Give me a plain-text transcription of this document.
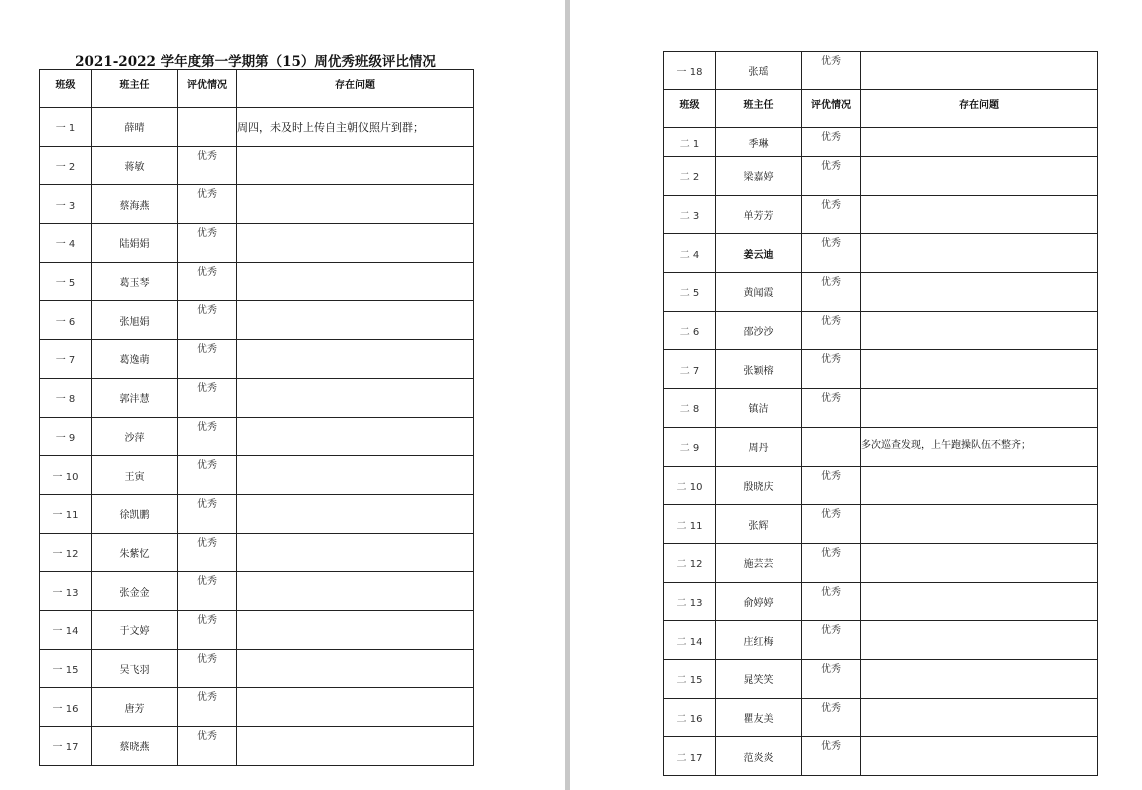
2021-2022 学年度第一学期第（15）周优秀班级评比情况
班级	班主任	评优情况	存在问题
一 1	薛晴		周四，未及时上传自主朝仪照片到群；
一 2	蒋敏	优秀	
一 3	蔡海燕	优秀	
一 4	陆娟娟	优秀	
一 5	葛玉琴	优秀	
一 6	张旭娟	优秀	
一 7	葛逸萌	优秀	
一 8	郭沣慧	优秀	
一 9	沙萍	优秀	
一 10	王寅	优秀	
一 11	徐凯鹏	优秀	
一 12	朱紫忆	优秀	
一 13	张金金	优秀	
一 14	于文婷	优秀	
一 15	吴飞羽	优秀	
一 16	唐芳	优秀	
一 17	蔡晓燕	优秀	
一 18	张瑶	优秀	
班级	班主任	评优情况	存在问题
二 1	季琳	优秀	
二 2	梁嘉婷	优秀	
二 3	单芳芳	优秀	
二 4	姜云迪	优秀	
二 5	黄闻霞	优秀	
二 6	邵沙沙	优秀	
二 7	张颖榕	优秀	
二 8	镇洁	优秀	
二 9	周丹		多次巡查发现，上午跑操队伍不整齐；
二 10	殷晓庆	优秀	
二 11	张辉	优秀	
二 12	施芸芸	优秀	
二 13	俞婷婷	优秀	
二 14	庄红梅	优秀	
二 15	晁笑笑	优秀	
二 16	瞿友美	优秀	
二 17	范炎炎	优秀	
